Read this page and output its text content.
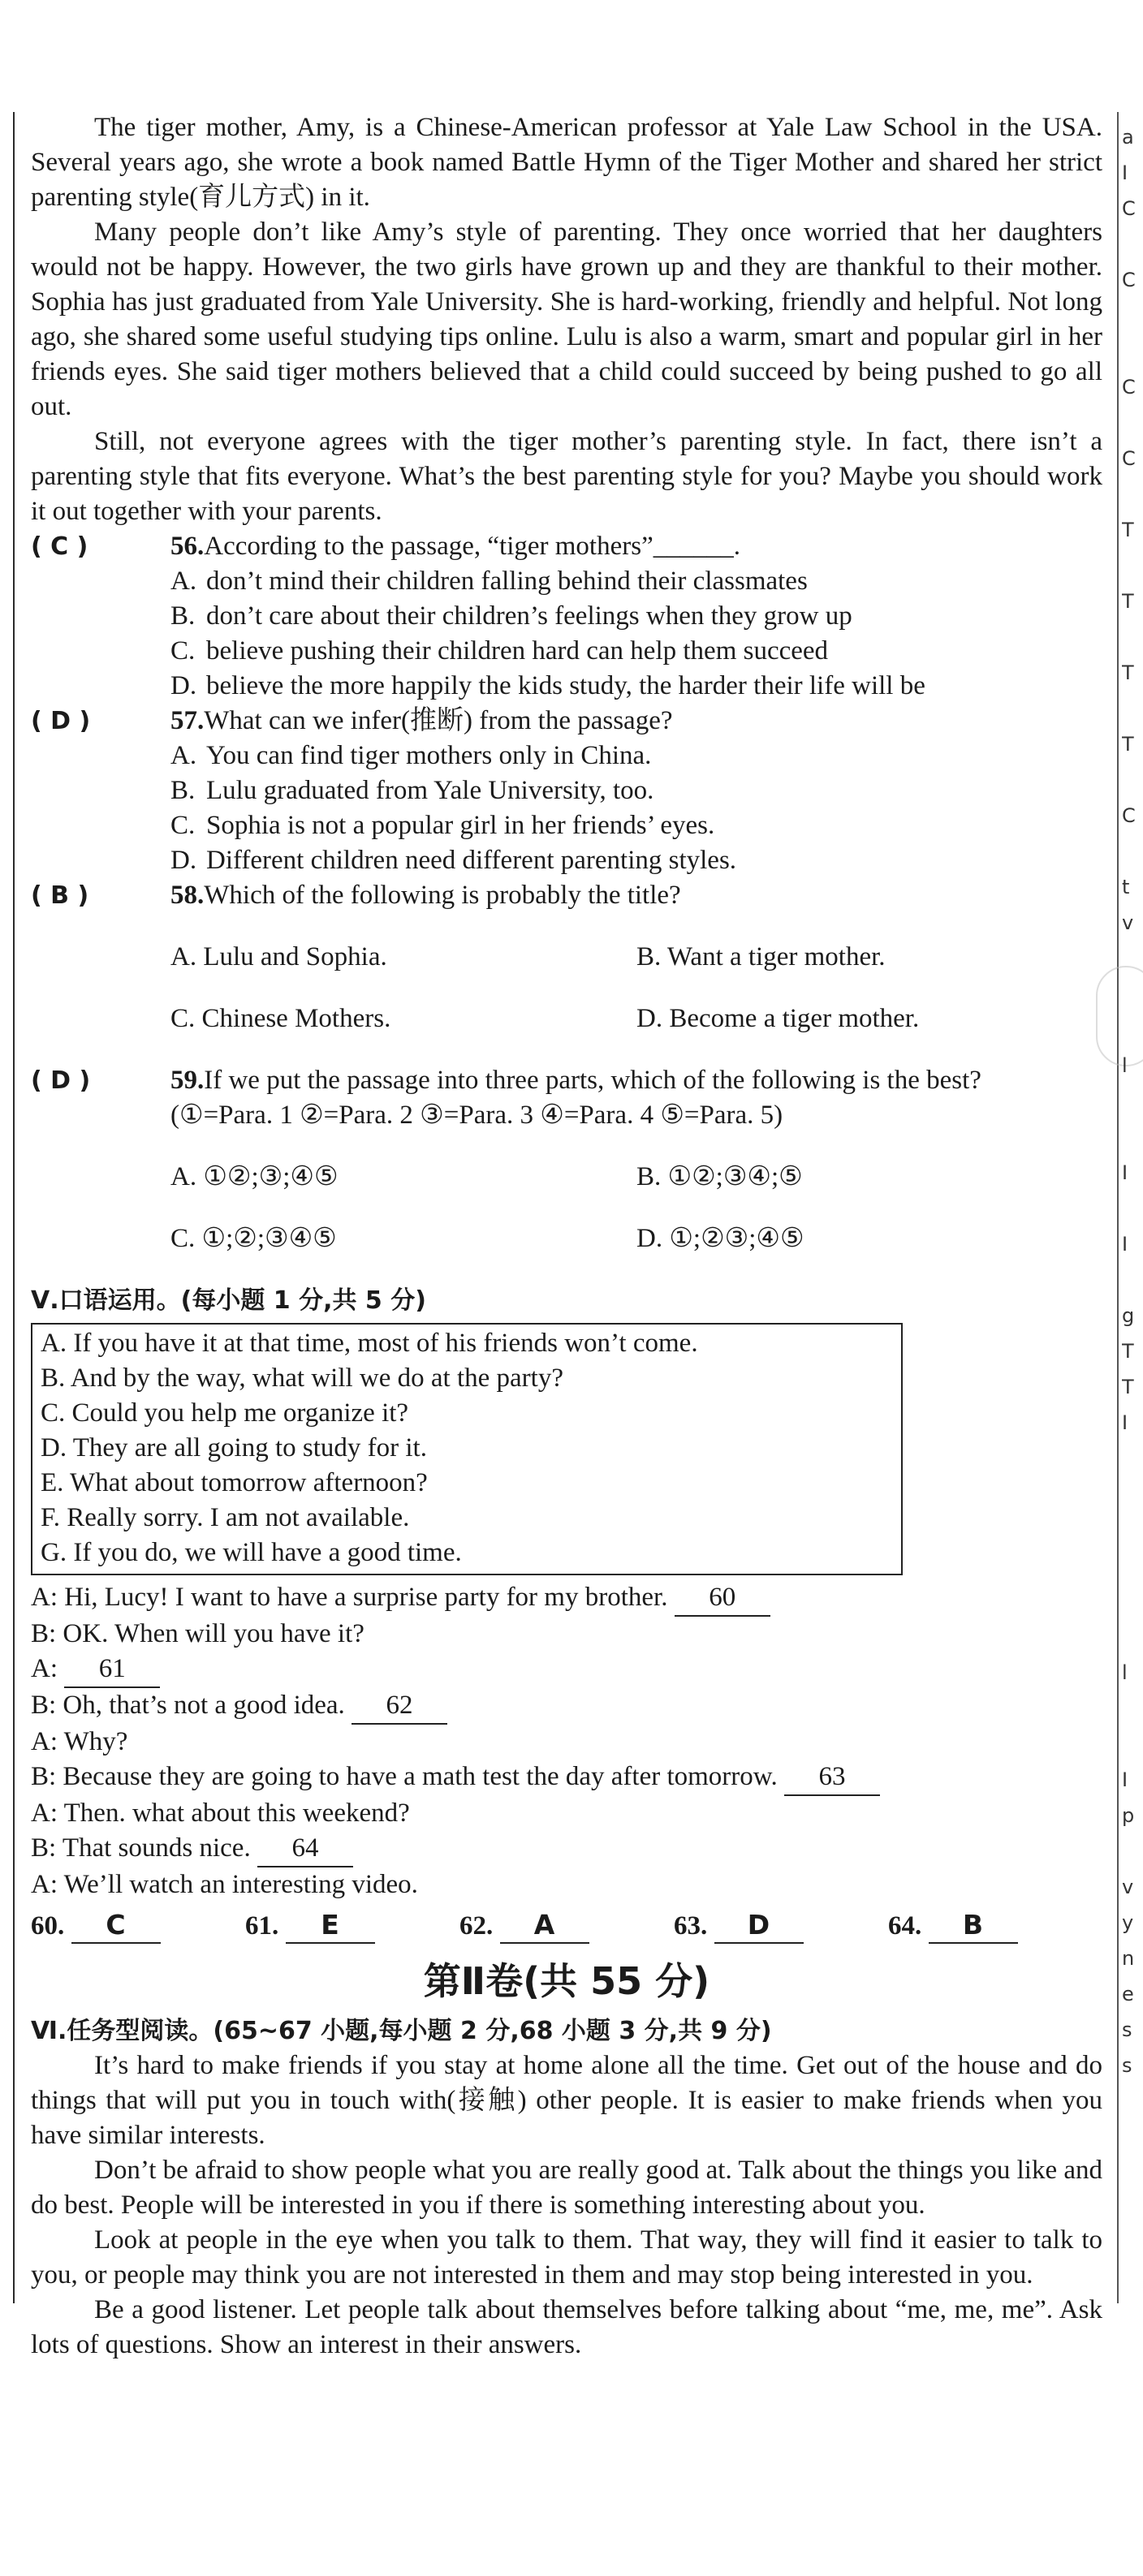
a
I
C
C
C
C
T
T
T
T
C
t
v
l
I
I
g
T
T
I
l
I
p
v
y
n
e
s
s

The tiger mother, Amy, is a Chinese-American professor at Yale Law School in the USA. Several years ago, she wrote a book named Battle Hymn of the Tiger Mother and shared her strict parenting style(育儿方式) in it.

Many people don’t like Amy’s style of parenting. They once worried that her daughters would not be happy. However, the two girls have grown up and they are thankful to their mother. Sophia has just graduated from Yale University. She is hard-working, friendly and helpful. Not long ago, she shared some useful studying tips online. Lulu is also a warm, smart and popular girl in her friends eyes. She said tiger mothers believed that a child could succeed by being pushed to go all out.

Still, not everyone agrees with the tiger mother’s parenting style. In fact, there isn’t a parenting style that fits everyone. What’s the best parenting style for you? Maybe you should work it out together with your parents.

( C )	56.According to the passage, “tiger mothers”______.

A. don’t mind their children falling behind their classmates

B. don’t care about their children’s feelings when they grow up

C. believe pushing their children hard can help them succeed

D. believe the more happily the kids study, the harder their life will be

( D )	57.What can we infer(推断) from the passage?

A. You can find tiger mothers only in China.

B. Lulu graduated from Yale University, too.

C. Sophia is not a popular girl in her friends’ eyes.

D. Different children need different parenting styles.

( B )	58.Which of the following is probably the title?

A. Lulu and Sophia.	B. Want a tiger mother.

C. Chinese Mothers.	D. Become a tiger mother.

( D )	59.If we put the passage into three parts, which of the following is the best?

(①=Para. 1 ②=Para. 2 ③=Para. 3 ④=Para. 4 ⑤=Para. 5)

A. ①②;③;④⑤	B. ①②;③④;⑤

C. ①;②;③④⑤	D. ①;②③;④⑤

Ⅴ.口语运用。(每小题 1 分,共 5 分)

A. If you have it at that time, most of his friends won’t come.
B. And by the way, what will we do at the party?
C. Could you help me organize it?
D. They are all going to study for it.
E. What about tomorrow afternoon?
F. Really sorry. I am not available.
G. If you do, we will have a good time.

A: Hi, Lucy! I want to have a surprise party for my brother. 60

B: OK. When will you have it?

A: 61

B: Oh, that’s not a good idea. 62

A: Why?

B: Because they are going to have a math test the day after tomorrow. 63

A: Then. what about this weekend?

B: That sounds nice. 64

A: We’ll watch an interesting video.

60. C	61. E	62. A	63. D	64. B
第Ⅱ卷(共 55 分)

Ⅵ.任务型阅读。(65~67 小题,每小题 2 分,68 小题 3 分,共 9 分)

It’s hard to make friends if you stay at home alone all the time. Get out of the house and do things that will put you in touch with(接触) other people. It is easier to make friends when you have similar interests.

Don’t be afraid to show people what you are really good at. Talk about the things you like and do best. People will be interested in you if there is something interesting about you.

Look at people in the eye when you talk to them. That way, they will find it easier to talk to you, or people may think you are not interested in them and may stop being interested in you.

Be a good listener. Let people talk about themselves before talking about “me, me, me”. Ask lots of questions. Show an interest in their answers.
